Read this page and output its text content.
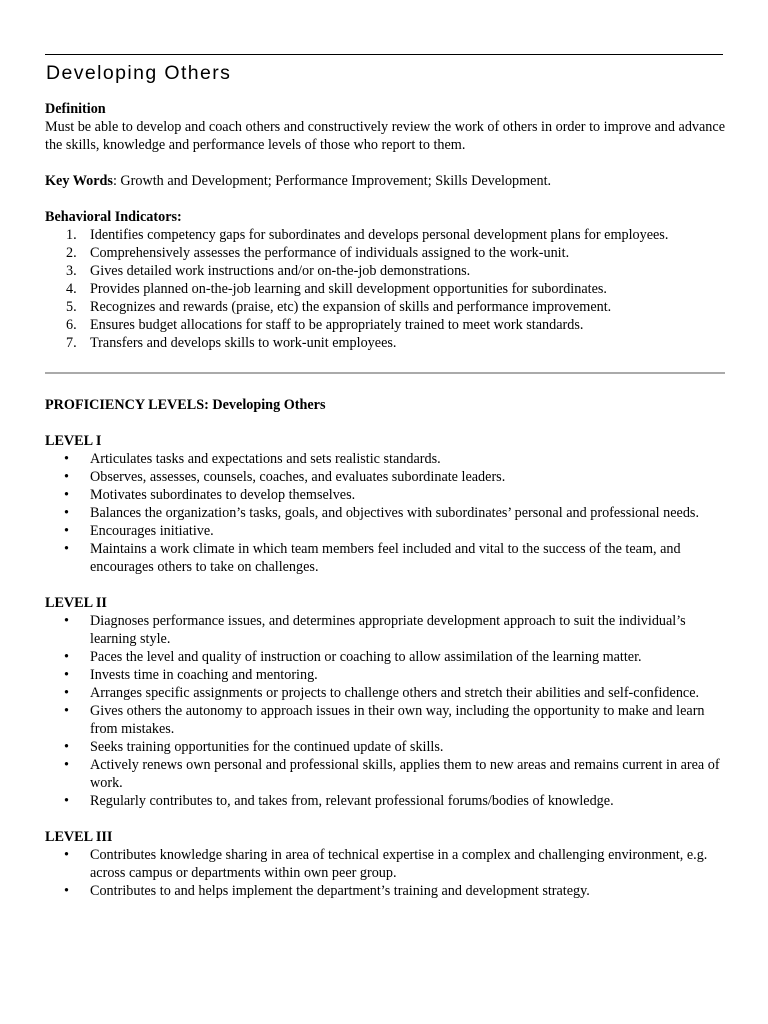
Developing Others

Definition

Must be able to develop and coach others and constructively review the work of others in order to improve and advance the skills, knowledge and performance levels of those who report to them.

Key Words: Growth and Development; Performance Improvement; Skills Development.

Behavioral Indicators:

1. Identifies competency gaps for subordinates and develops personal development plans for employees.
2. Comprehensively assesses the performance of individuals assigned to the work-unit.
3. Gives detailed work instructions and/or on-the-job demonstrations.
4. Provides planned on-the-job learning and skill development opportunities for subordinates.
5. Recognizes and rewards (praise, etc) the expansion of skills and performance improvement.
6. Ensures budget allocations for staff to be appropriately trained to meet work standards.
7. Transfers and develops skills to work-unit employees.

PROFICIENCY LEVELS: Developing Others

LEVEL I

• Articulates tasks and expectations and sets realistic standards.
• Observes, assesses, counsels, coaches, and evaluates subordinate leaders.
• Motivates subordinates to develop themselves.
• Balances the organization’s tasks, goals, and objectives with subordinates’ personal and professional needs.
• Encourages initiative.
• Maintains a work climate in which team members feel included and vital to the success of the team, and encourages others to take on challenges.

LEVEL II

• Diagnoses performance issues, and determines appropriate development approach to suit the individual’s learning style.
• Paces the level and quality of instruction or coaching to allow assimilation of the learning matter.
• Invests time in coaching and mentoring.
• Arranges specific assignments or projects to challenge others and stretch their abilities and self-confidence.
• Gives others the autonomy to approach issues in their own way, including the opportunity to make and learn from mistakes.
• Seeks training opportunities for the continued update of skills.
• Actively renews own personal and professional skills, applies them to new areas and remains current in area of work.
• Regularly contributes to, and takes from, relevant professional forums/bodies of knowledge.

LEVEL III

• Contributes knowledge sharing in area of technical expertise in a complex and challenging environment, e.g. across campus or departments within own peer group.
• Contributes to and helps implement the department’s training and development strategy.
